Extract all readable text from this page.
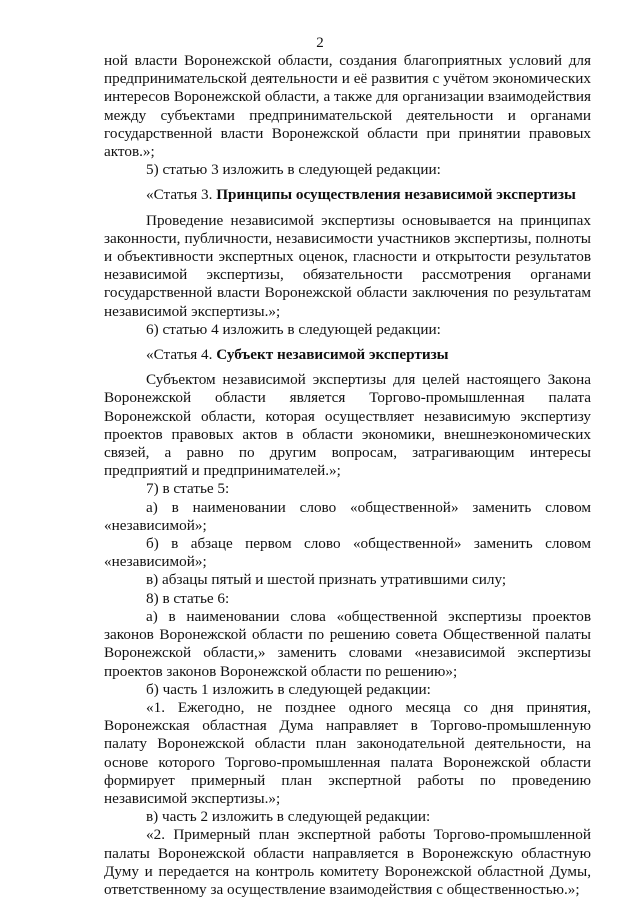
2

ной власти Воронежской области, создания благоприятных условий для предпринимательской деятельности и её развития с учётом экономических интересов Воронежской области, а также для организации взаимодействия между субъектами предпринимательской деятельности и органами государственной власти Воронежской области при принятии правовых актов.»;

5) статью 3 изложить в следующей редакции:

«Статья 3. Принципы осуществления независимой экспертизы

Проведение независимой экспертизы основывается на принципах законности, публичности, независимости участников экспертизы, полноты и объективности экспертных оценок, гласности и открытости результатов независимой экспертизы, обязательности рассмотрения органами государственной власти Воронежской области заключения по результатам независимой экспертизы.»;

6) статью 4 изложить в следующей редакции:

«Статья 4. Субъект независимой экспертизы

Субъектом независимой экспертизы для целей настоящего Закона Воронежской области является Торгово-промышленная палата Воронежской области, которая осуществляет независимую экспертизу проектов правовых актов в области экономики, внешнеэкономических связей, а равно по другим вопросам, затрагивающим интересы предприятий и предпринимателей.»;

7) в статье 5:

а) в наименовании слово «общественной» заменить словом «независимой»;

б) в абзаце первом слово «общественной» заменить словом «независимой»;

в) абзацы пятый и шестой признать утратившими силу;

8) в статье 6:

а) в наименовании слова «общественной экспертизы проектов законов Воронежской области по решению совета Общественной палаты Воронежской области,» заменить словами «независимой экспертизы проектов законов Воронежской области по решению»;

б) часть 1 изложить в следующей редакции:

«1. Ежегодно, не позднее одного месяца со дня принятия, Воронежская областная Дума направляет в Торгово-промышленную палату Воронежской области план законодательной деятельности, на основе которого Торгово-промышленная палата Воронежской области формирует примерный план экспертной работы по проведению независимой экспертизы.»;

в) часть 2 изложить в следующей редакции:

«2. Примерный план экспертной работы Торгово-промышленной палаты Воронежской области направляется в Воронежскую областную Думу и передается на контроль комитету Воронежской областной Думы, ответственному за осуществление взаимодействия с общественностью.»;
